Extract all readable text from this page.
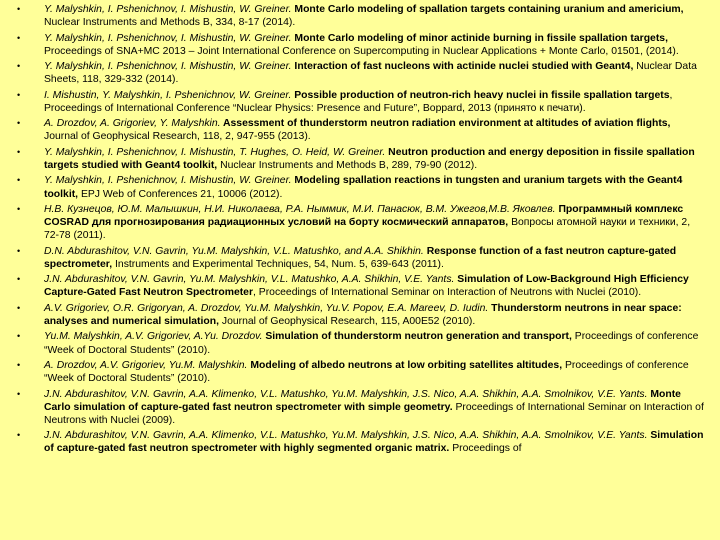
• Y. Malyshkin, I. Pshenichnov, I. Mishustin, W. Greiner. Monte Carlo modeling of spallation targets containing uranium and americium, Nuclear Instruments and Methods B, 334, 8-17 (2014).
• Y. Malyshkin, I. Pshenichnov, I. Mishustin, W. Greiner. Monte Carlo modeling of minor actinide burning in fissile spallation targets, Proceedings of SNA+MC 2013 – Joint International Conference on Supercomputing in Nuclear Applications + Monte Carlo, 01501, (2014).
• Y. Malyshkin, I. Pshenichnov, I. Mishustin, W. Greiner. Interaction of fast nucleons with actinide nuclei studied with Geant4, Nuclear Data Sheets, 118, 329-332 (2014).
• I. Mishustin, Y. Malyshkin, I. Pshenichnov, W. Greiner. Possible production of neutron-rich heavy nuclei in fissile spallation targets, Proceedings of International Conference “Nuclear Physics: Presence and Future”, Boppard, 2013 (принято к печати).
• A. Drozdov, A. Grigoriev, Y. Malyshkin. Assessment of thunderstorm neutron radiation environment at altitudes of aviation flights, Journal of Geophysical Research, 118, 2, 947-955 (2013).
• Y. Malyshkin, I. Pshenichnov, I. Mishustin, T. Hughes, O. Heid, W. Greiner. Neutron production and energy deposition in fissile spallation targets studied with Geant4 toolkit, Nuclear Instruments and Methods B, 289, 79-90 (2012).
• Y. Malyshkin, I. Pshenichnov, I. Mishustin, W. Greiner. Modeling spallation reactions in tungsten and uranium targets with the Geant4 toolkit, EPJ Web of Conferences 21, 10006 (2012).
• Н.В. Кузнецов, Ю.М. Малышкин, Н.И. Николаева, Р.А. Ныммик, М.И. Панасюк, В.М. Ужегов,М.В. Яковлев. Программный комплекс COSRAD для прогнозирования радиационных условий на борту космический аппаратов, Вопросы атомной науки и техники, 2, 72-78 (2011).
• D.N. Abdurashitov, V.N. Gavrin, Yu.M. Malyshkin, V.L. Matushko, and A.A. Shikhin. Response function of a fast neutron capture-gated spectrometer, Instruments and Experimental Techniques, 54, Num. 5, 639-643 (2011).
• J.N. Abdurashitov, V.N. Gavrin, Yu.M. Malyshkin, V.L. Matushko, A.A. Shikhin, V.E. Yants. Simulation of Low-Background High Efficiency Capture-Gated Fast Neutron Spectrometer, Proceedings of International Seminar on Interaction of Neutrons with Nuclei (2010).
• A.V. Grigoriev, O.R. Grigoryan, A. Drozdov, Yu.M. Malyshkin, Yu.V. Popov, E.A. Mareev, D. Iudin. Thunderstorm neutrons in near space: analyses and numerical simulation, Journal of Geophysical Research, 115, A00E52 (2010).
• Yu.M. Malyshkin, A.V. Grigoriev, A.Yu. Drozdov. Simulation of thunderstorm neutron generation and transport, Proceedings of conference “Week of Doctoral Students” (2010).
• A. Drozdov, A.V. Grigoriev, Yu.M. Malyshkin. Modeling of albedo neutrons at low orbiting satellites altitudes, Proceedings of conference “Week of Doctoral Students” (2010).
• J.N. Abdurashitov, V.N. Gavrin, A.A. Klimenko, V.L. Matushko, Yu.M. Malyshkin, J.S. Nico, A.A. Shikhin, A.A. Smolnikov, V.E. Yants. Monte Carlo simulation of capture-gated fast neutron spectrometer with simple geometry. Proceedings of International Seminar on Interaction of Neutrons with Nuclei (2009).
• J.N. Abdurashitov, V.N. Gavrin, A.A. Klimenko, V.L. Matushko, Yu.M. Malyshkin, J.S. Nico, A.A. Shikhin, A.A. Smolnikov, V.E. Yants. Simulation of capture-gated fast neutron spectrometer with highly segmented organic matrix. Proceedings of
